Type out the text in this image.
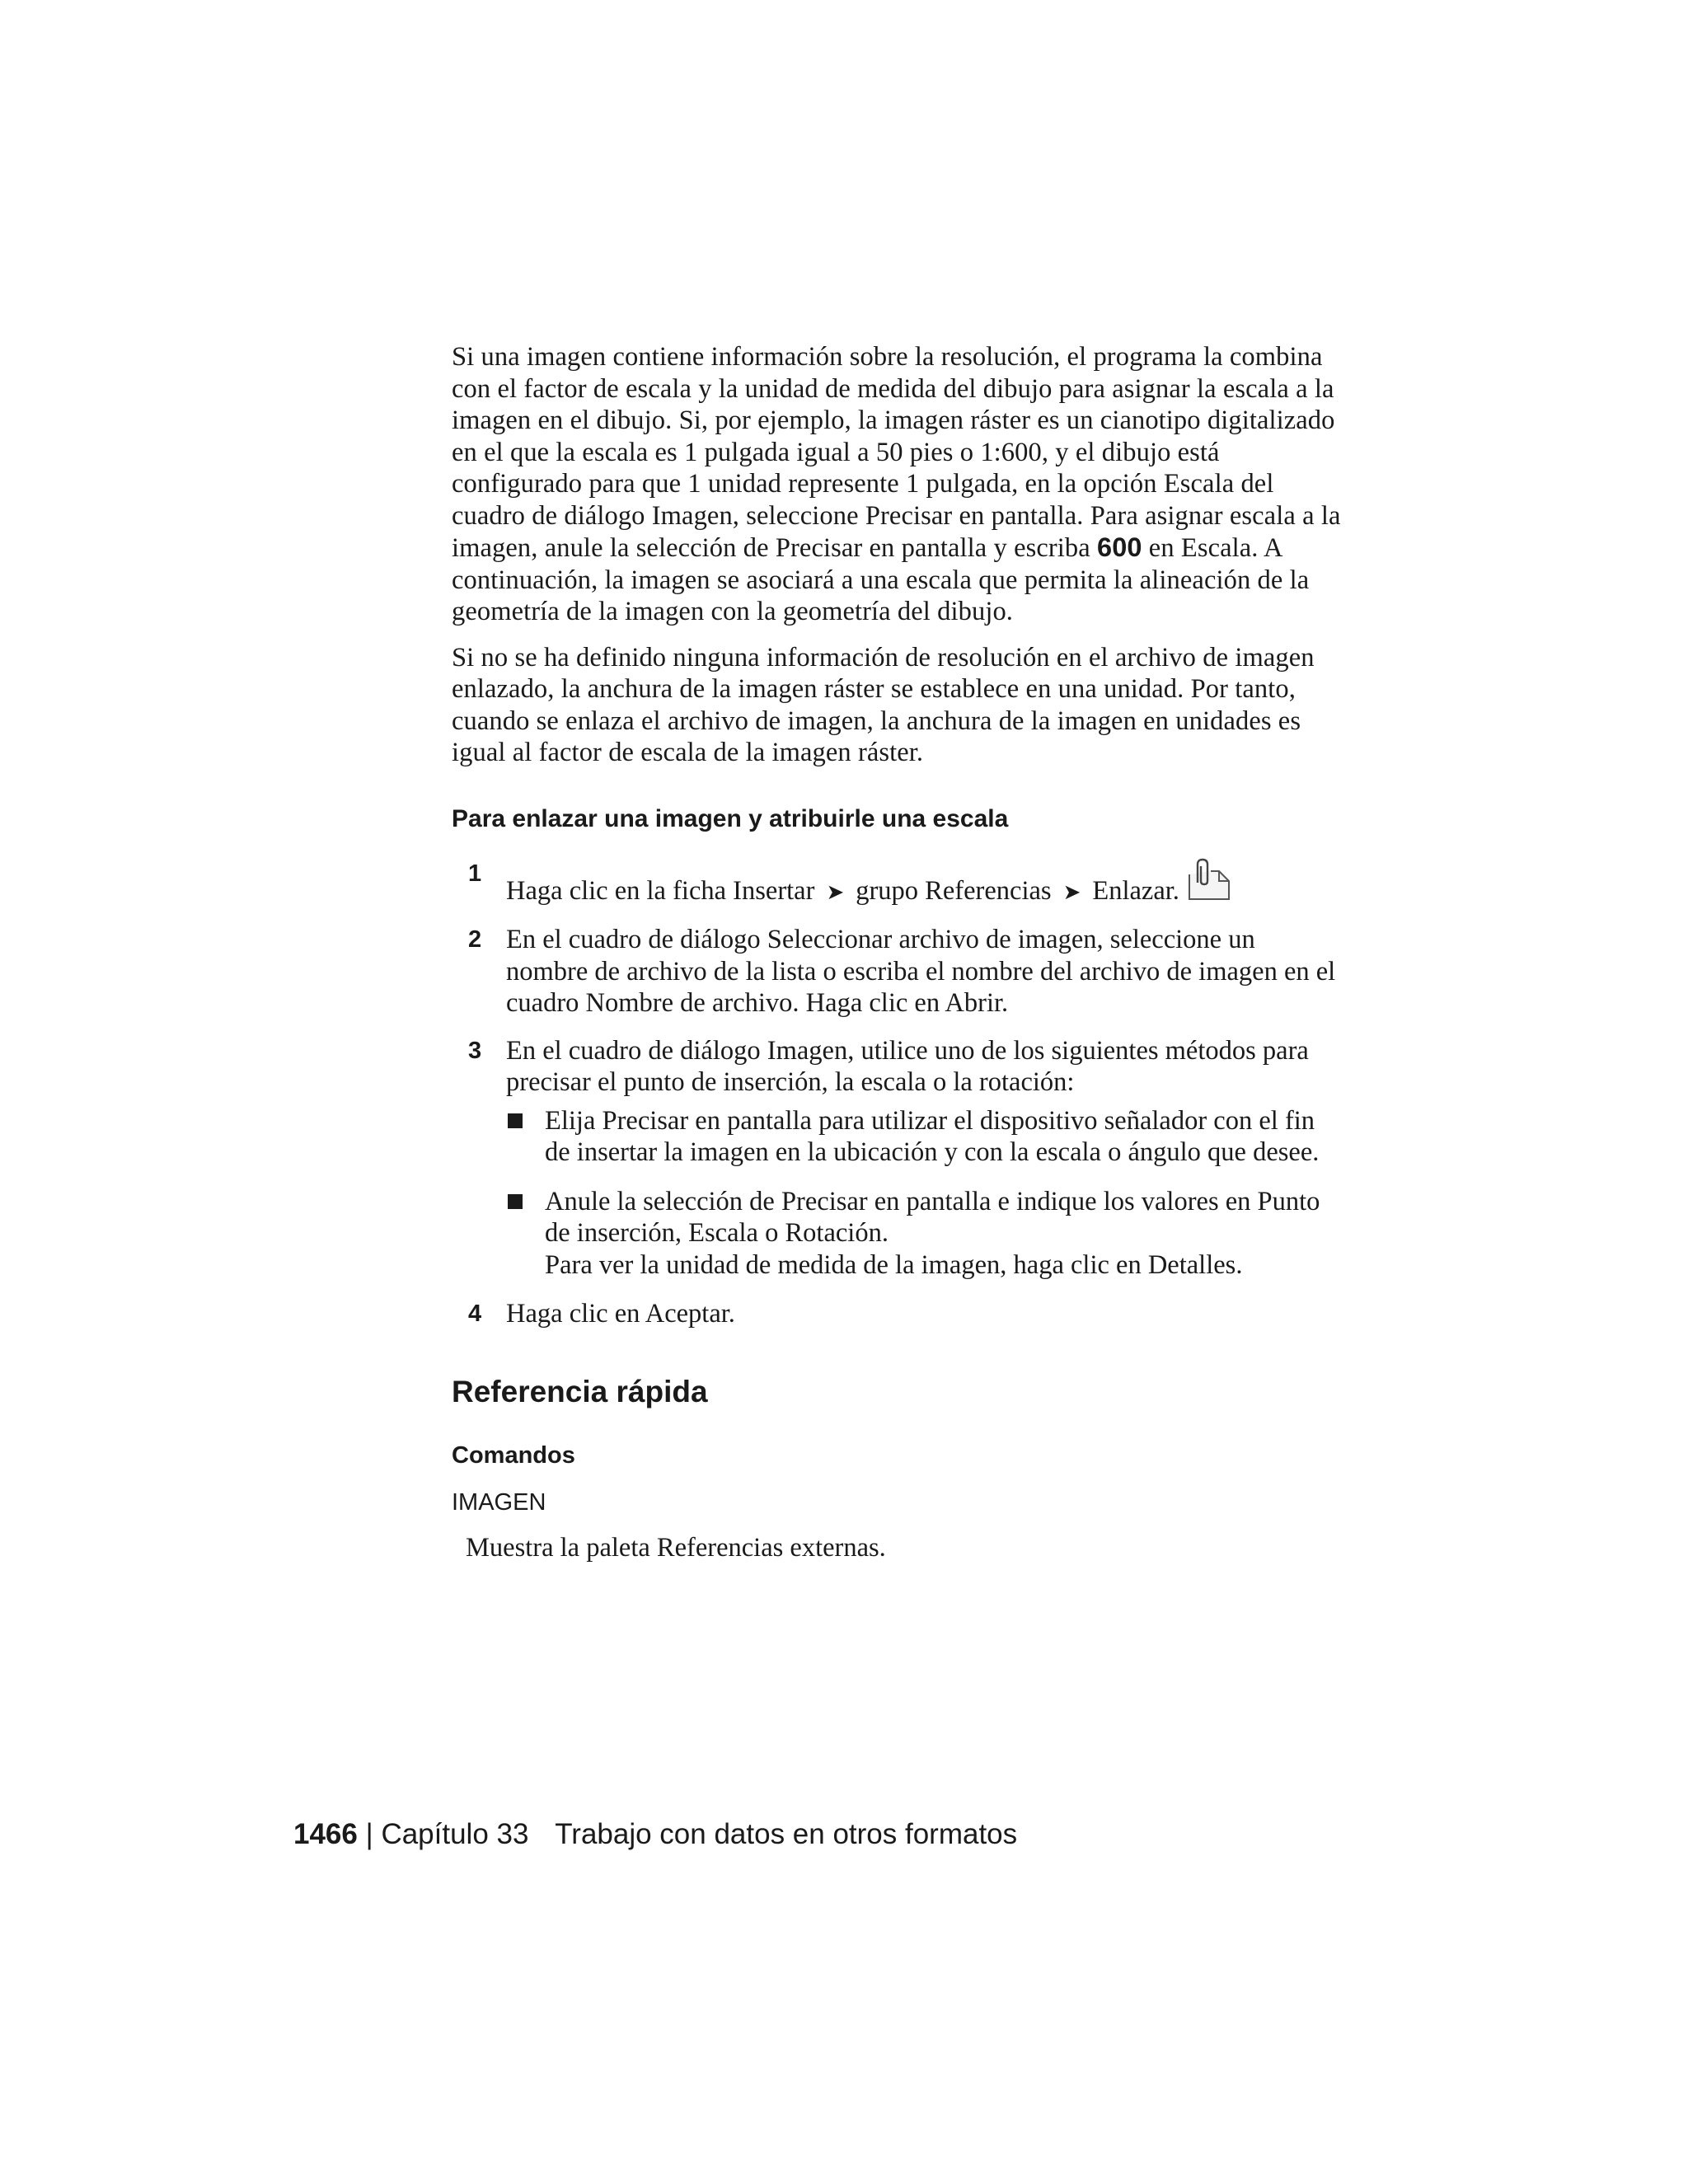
Si una imagen contiene información sobre la resolución, el programa la combina con el factor de escala y la unidad de medida del dibujo para asignar la escala a la imagen en el dibujo. Si, por ejemplo, la imagen ráster es un cianotipo digitalizado en el que la escala es 1 pulgada igual a 50 pies o 1:600, y el dibujo está configurado para que 1 unidad represente 1 pulgada, en la opción Escala del cuadro de diálogo Imagen, seleccione Precisar en pantalla. Para asignar escala a la imagen, anule la selección de Precisar en pantalla y escriba 600 en Escala. A continuación, la imagen se asociará a una escala que permita la alineación de la geometría de la imagen con la geometría del dibujo.

Si no se ha definido ninguna información de resolución en el archivo de imagen enlazado, la anchura de la imagen ráster se establece en una unidad. Por tanto, cuando se enlaza el archivo de imagen, la anchura de la imagen en unidades es igual al factor de escala de la imagen ráster.

Para enlazar una imagen y atribuirle una escala
1
Haga clic en la ficha Insertar ➤ grupo Referencias ➤ Enlazar.
2 En el cuadro de diálogo Seleccionar archivo de imagen, seleccione un nombre de archivo de la lista o escriba el nombre del archivo de imagen en el cuadro Nombre de archivo. Haga clic en Abrir.
3 En el cuadro de diálogo Imagen, utilice uno de los siguientes métodos para precisar el punto de inserción, la escala o la rotación:
Elija Precisar en pantalla para utilizar el dispositivo señalador con el fin de insertar la imagen en la ubicación y con la escala o ángulo que desee.
Anule la selección de Precisar en pantalla e indique los valores en Punto de inserción, Escala o Rotación.
Para ver la unidad de medida de la imagen, haga clic en Detalles.
4 Haga clic en Aceptar.
Referencia rápida
Comandos
IMAGEN
Muestra la paleta Referencias externas.
1466 | Capítulo 33 Trabajo con datos en otros formatos
